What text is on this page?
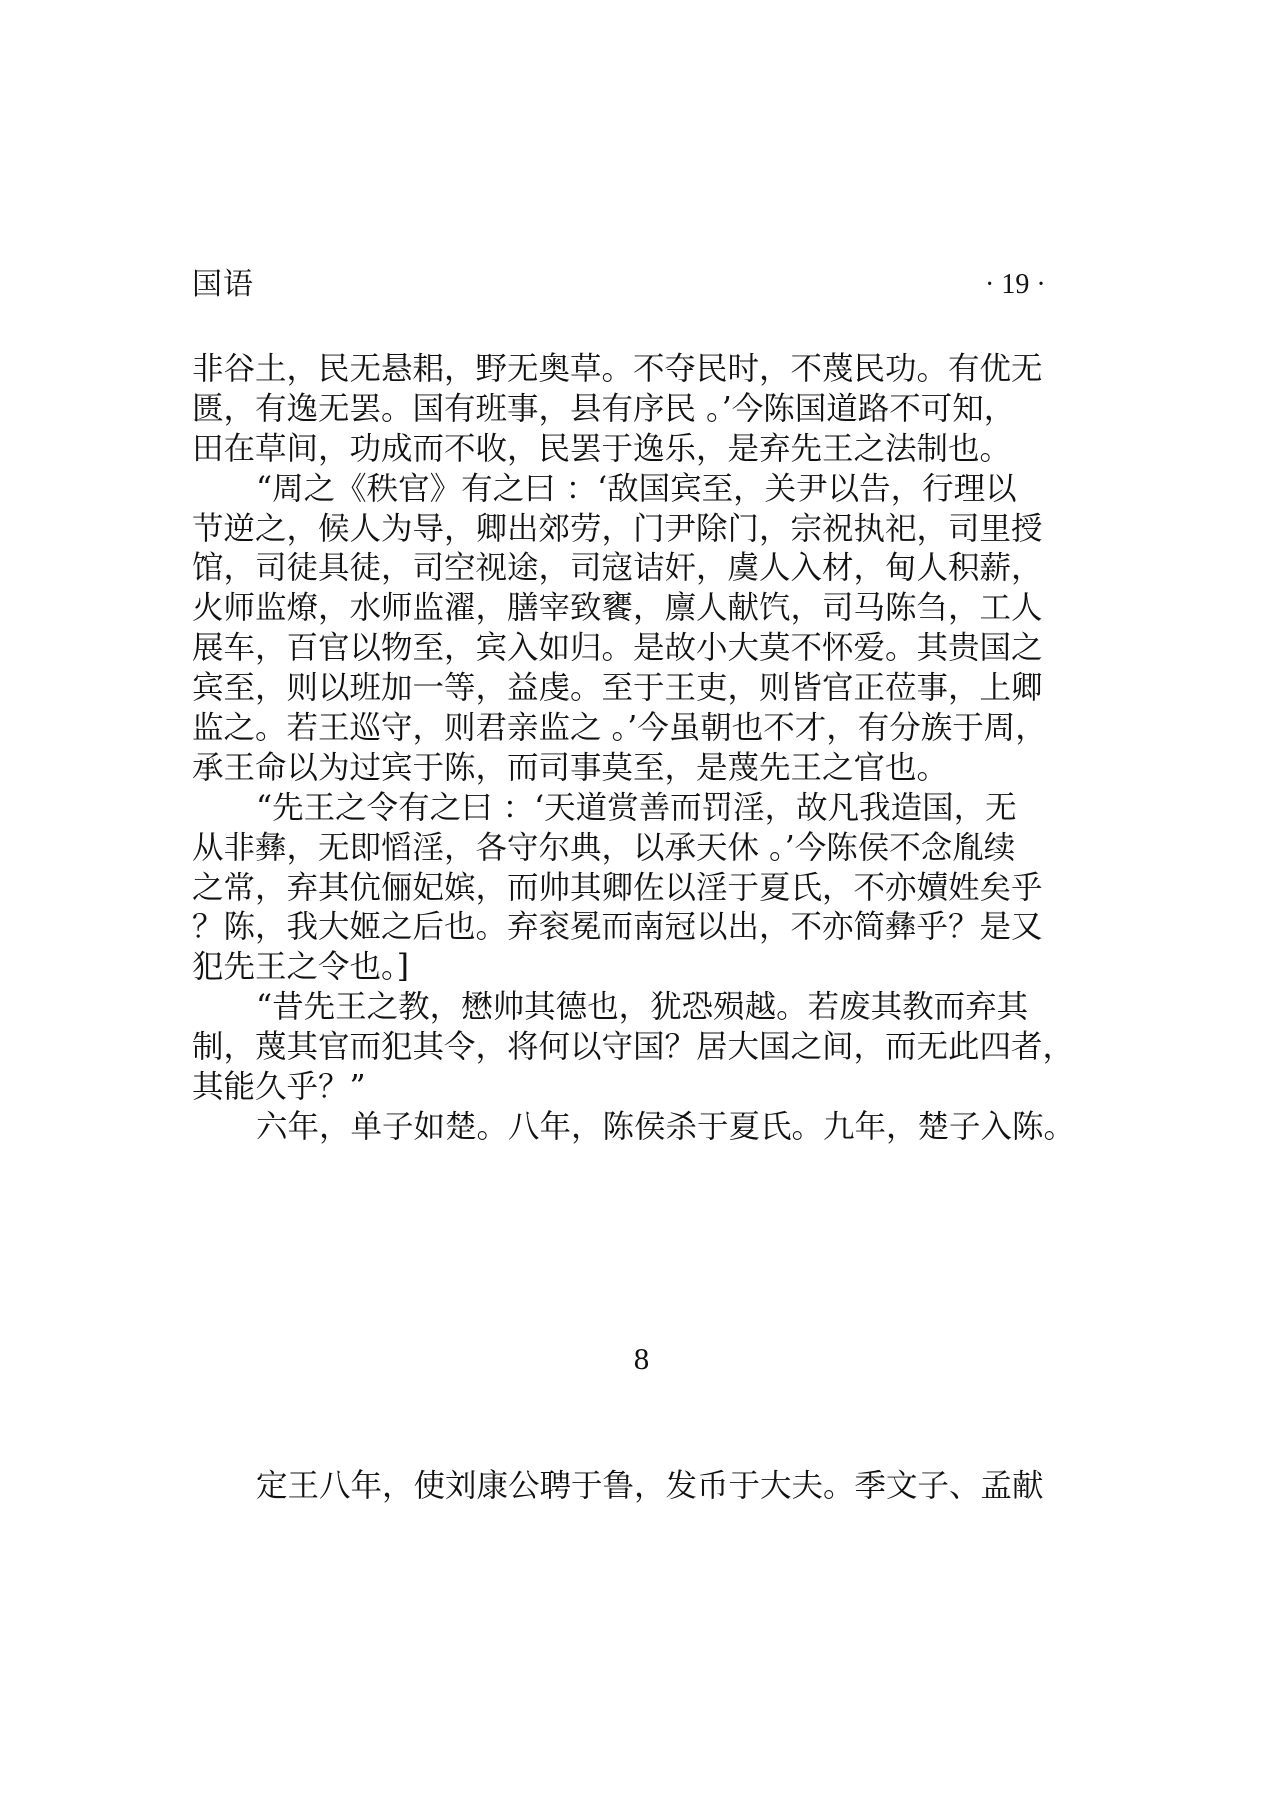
国语	· 19 ·
非谷土，民无悬耜，野无奥草。不夺民时，不蔑民功。有优无
匮，有逸无罢。国有班事，县有序民 。’今陈国道路不可知，
田在草间，功成而不收，民罢于逸乐，是弃先王之法制也。
“周之《秩官》有之曰 ：‘敌国宾至，关尹以告，行理以
节逆之，候人为导，卿出郊劳，门尹除门，宗祝执祀，司里授
馆，司徒具徒，司空视途，司寇诘奸，虞人入材，甸人积薪，
火师监燎，水师监濯，膳宰致饔，廪人献饩，司马陈刍，工人
展车，百官以物至，宾入如归。是故小大莫不怀爱。其贵国之
宾至，则以班加一等，益虔。至于王吏，则皆官正莅事，上卿
监之。若王巡守，则君亲监之 。’今虽朝也不才，有分族于周，
承王命以为过宾于陈，而司事莫至，是蔑先王之官也。
“先王之令有之曰 ：‘天道赏善而罚淫，故凡我造国，无
从非彝，无即慆淫，各守尔典，以承天休 。’今陈侯不念胤续
之常，弃其伉俪妃嫔，而帅其卿佐以淫于夏氏，不亦嬻姓矣乎
？陈，我大姬之后也。弃衮冕而南冠以出，不亦简彝乎？是又
犯先王之令也。]
“昔先王之教，懋帅其德也，犹恐殒越。若废其教而弃其
制，蔑其官而犯其令，将何以守国？居大国之间，而无此四者，
其能久乎？”
六年，单子如楚。八年，陈侯杀于夏氏。九年，楚子入陈。
8
定王八年，使刘康公聘于鲁，发币于大夫。季文子、孟献
